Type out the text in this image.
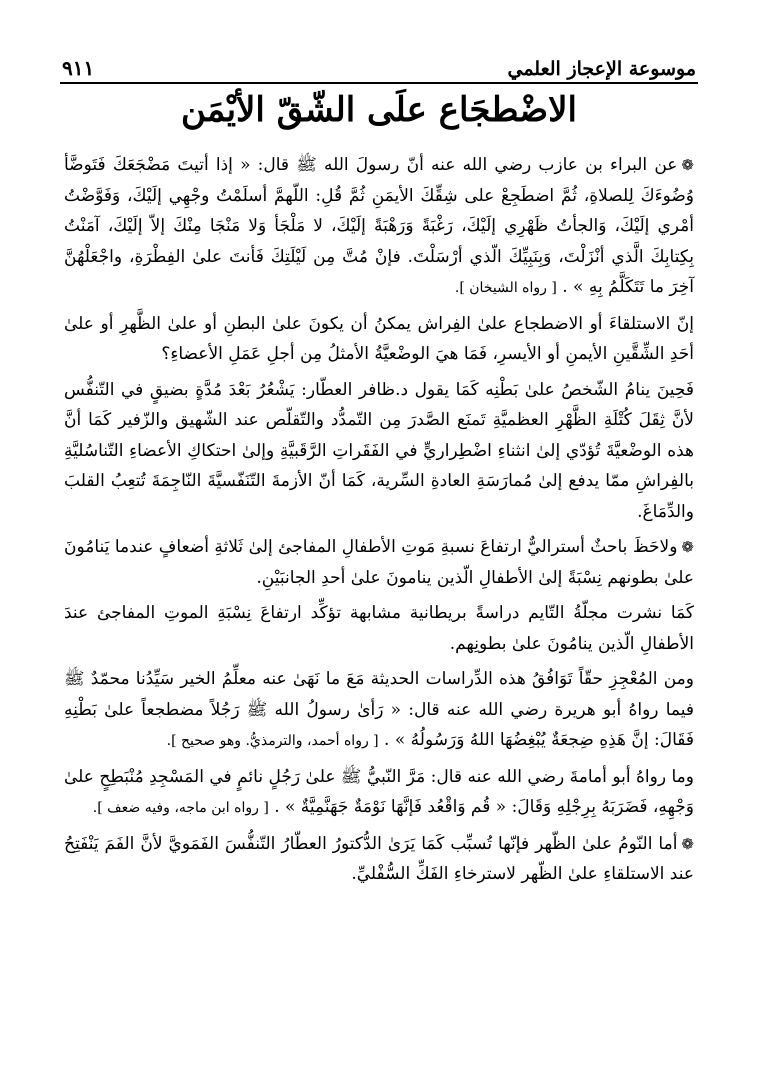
٩١١	موسوعة الإعجاز العلمي
الاضْطجَاع علَى الشّقّ الأيْمَن

❁عن البراء بن عازب رضي الله عنه أنّ رسولَ الله ﷺ قال: « إذا أتيتَ مَضْجَعَكَ فَتَوضَّأ وُضُوءَكَ لِلصلاةِ، ثُمَّ اضطَجِعْ على شِقِّكَ الأيمَنِ ثُمَّ قُلِ: اللّهمَّ أسلَمْتُ وجْهِي إلَيْكَ، وَفَوَّضْتُ أمْري إلَيْكَ، وَالجأتُ ظَهْرِي إلَيْكَ، رَغْبَةً وَرَهْبَةً إلَيْكَ، لا مَلْجَأ وَلا مَنْجَا مِنْكَ إلاّ إلَيْكَ، آمَنْتُ بِكِتابِكَ الَّذي أنْزَلْتَ، وَبِنَبِيِّكَ الّذي أرْسَلْتَ. فإنْ مُتَّ مِن لَيْلَتِكَ فَأنتَ علىٰ الفِطْرَةِ، واجْعَلْهُنَّ آخِرَ ما تَتَكَلَّمُ بِهِ » . [ رواه الشيخان ].

إنّ الاستلقاءَ أو الاضطجاع علىٰ الفِراش يمكنُ أن يكونَ علىٰ البطنِ أو علىٰ الظَّهرِ أو علىٰ أحَدِ الشِّقَّينِ الأيمنِ أو الأيسرِ، فَمَا هيَ الوضْعيَّةُ الأمثلُ مِن أجلِ عَمَلِ الأعضاءِ؟

فَحِينَ ينامُ الشّخصُ علىٰ بَطْنِه كَمَا يقول د.ظافر العطّار: يَشْعُرُ بَعْدَ مُدَّةٍ بضيقٍ في التّنفُّس لأنَّ ثِقَلَ كُتْلَةِ الظَّهْرِ العظميَّةِ تَمنَع الصَّدرَ مِن التّمدُّد والتّقلّص عند الشّهيق والزّفير كَمَا أنَّ هذه الوضْعيَّةَ تُؤدّي إلىٰ انثناءِ اضْطِراريٍّ في الفَقَراتِ الرَّقَبيَّةِ وإلىٰ احتكاكِ الأعضاءِ التّناسُليَّةِ بالفِراشِ ممّا يدفع إلىٰ مُمارَسَةِ العادةِ السِّرية، كَمَا أنّ الأزمةَ التّنَفّسيَّةَ النّاجِمَةَ تُتعِبُ القلبَ والدِّمَاغَ.

❁ولاحَظَ باحثٌ أستراليٌّ ارتفاعَ نسبةِ مَوتِ الأطفالِ المفاجئ إلىٰ ثَلاثةِ أضعافٍ عندما يَنامُونَ علىٰ بطونهم نِسْبَةً إلىٰ الأطفالِ الّذين ينامونَ علىٰ أحدِ الجانبَيْنِ.

كَمَا نشرت مجلّةُ التّايم دراسةً بريطانية مشابهة تؤكِّد ارتفاعَ نِسْبَةِ الموتِ المفاجئ عندَ الأطفالِ الّذين ينامُونَ علىٰ بطونِهم.

ومن المُعْجِزِ حقّاً تَوَافُقُ هذه الدِّراسات الحديثة مَعَ ما نَهَىٰ عنه معلِّمُ الخير سَيِّدُنا محمّدٌ ﷺ فيما رواهُ أبو هريرة رضي الله عنه قال: « رَأىٰ رسولُ الله ﷺ رَجُلاً مضطجعاً علىٰ بَطْنِهِ فَقَالَ: إنَّ هَذِهِ ضِجعَةٌ يُبْغِضُهَا اللهُ وَرَسُولُهُ » . [ رواه أحمد، والترمذيُّ. وهو صحيح ].

وما رواهُ أبو أمامةَ رضي الله عنه قال: مَرَّ النّبيُّ ﷺ علىٰ رَجُلٍ نائمٍ في المَسْجِدِ مُنْبَطِحٍ علىٰ وَجْهِهِ، فَضَرَبَهُ بِرِجْلِهِ وَقَالَ: « قُم وَاقْعُد فَإنَّهَا نَوْمَةٌ جَهَنَّمِيَّةٌ » . [ رواه ابن ماجه، وفيه ضعف ].

❁أما النّومُ علىٰ الظّهر فإنّها تُسبِّب كَمَا يَرَىٰ الدُّكتورُ العطّارُ التّنفُّسَ الفَمَويَّ لأنَّ الفَمَ يَنْفَتِحُ عند الاستلقاءِ علىٰ الظّهر لاسترخاءِ الفَكِّ السُّفْليِّ.
